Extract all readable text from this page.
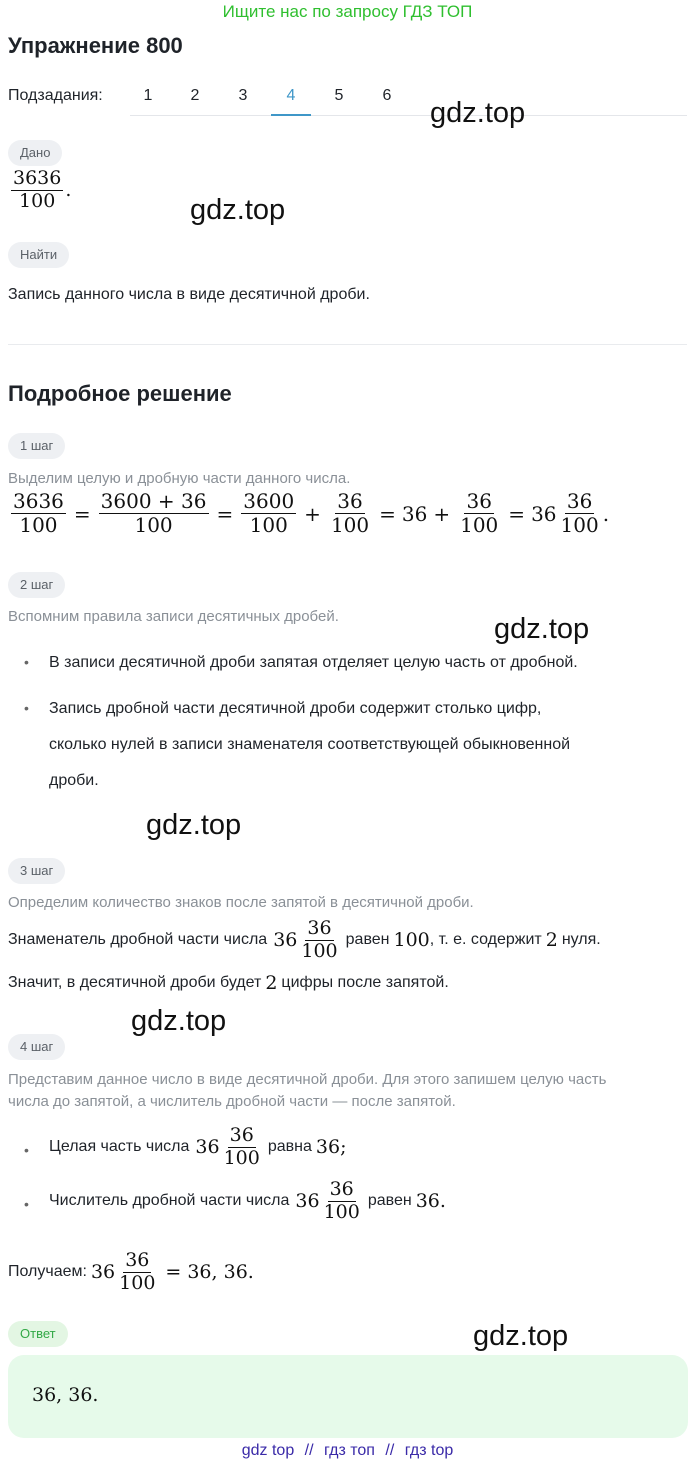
Ищите нас по запросу ГДЗ ТОП
Упражнение 800
Подзадания:	1	2	3	4	5	6
gdz.top
gdz.top
gdz.top
gdz.top
gdz.top
gdz.top
Дано
$\frac{3636}{100}$ .
Найти
Запись данного числа в виде десятичной дроби.
Подробное решение
1 шаг
Выделим целую и дробную части данного числа.
$\frac{3636}{100} = \frac{3600 + 36}{100} = \frac{3600}{100} + \frac{36}{100} = 36 + \frac{36}{100} = 36 \frac{36}{100}$ .
2 шаг
Вспомним правила записи десятичных дробей.
• В записи десятичной дроби запятая отделяет целую часть от дробной.
• Запись дробной части десятичной дроби содержит столько цифр,
сколько нулей в записи знаменателя соответствующей обыкновенной
дроби.
3 шаг
Определим количество знаков после запятой в десятичной дроби.
Знаменатель дробной части числа $36 \frac{36}{100}$ равен 100 , т. е. содержит 2 нуля.
Значит, в десятичной дроби будет 2 цифры после запятой.
4 шаг
Представим данное число в виде десятичной дроби. Для этого запишем целую часть
числа до запятой, а числитель дробной части — после запятой.
• Целая часть числа $36 \frac{36}{100}$ равна 36;
• Числитель дробной части числа $36 \frac{36}{100}$ равен 36.
Получаем: $36 \frac{36}{100} = 36$, 36.
Ответ
36, 36.
gdz top // гдз топ // гдз top
